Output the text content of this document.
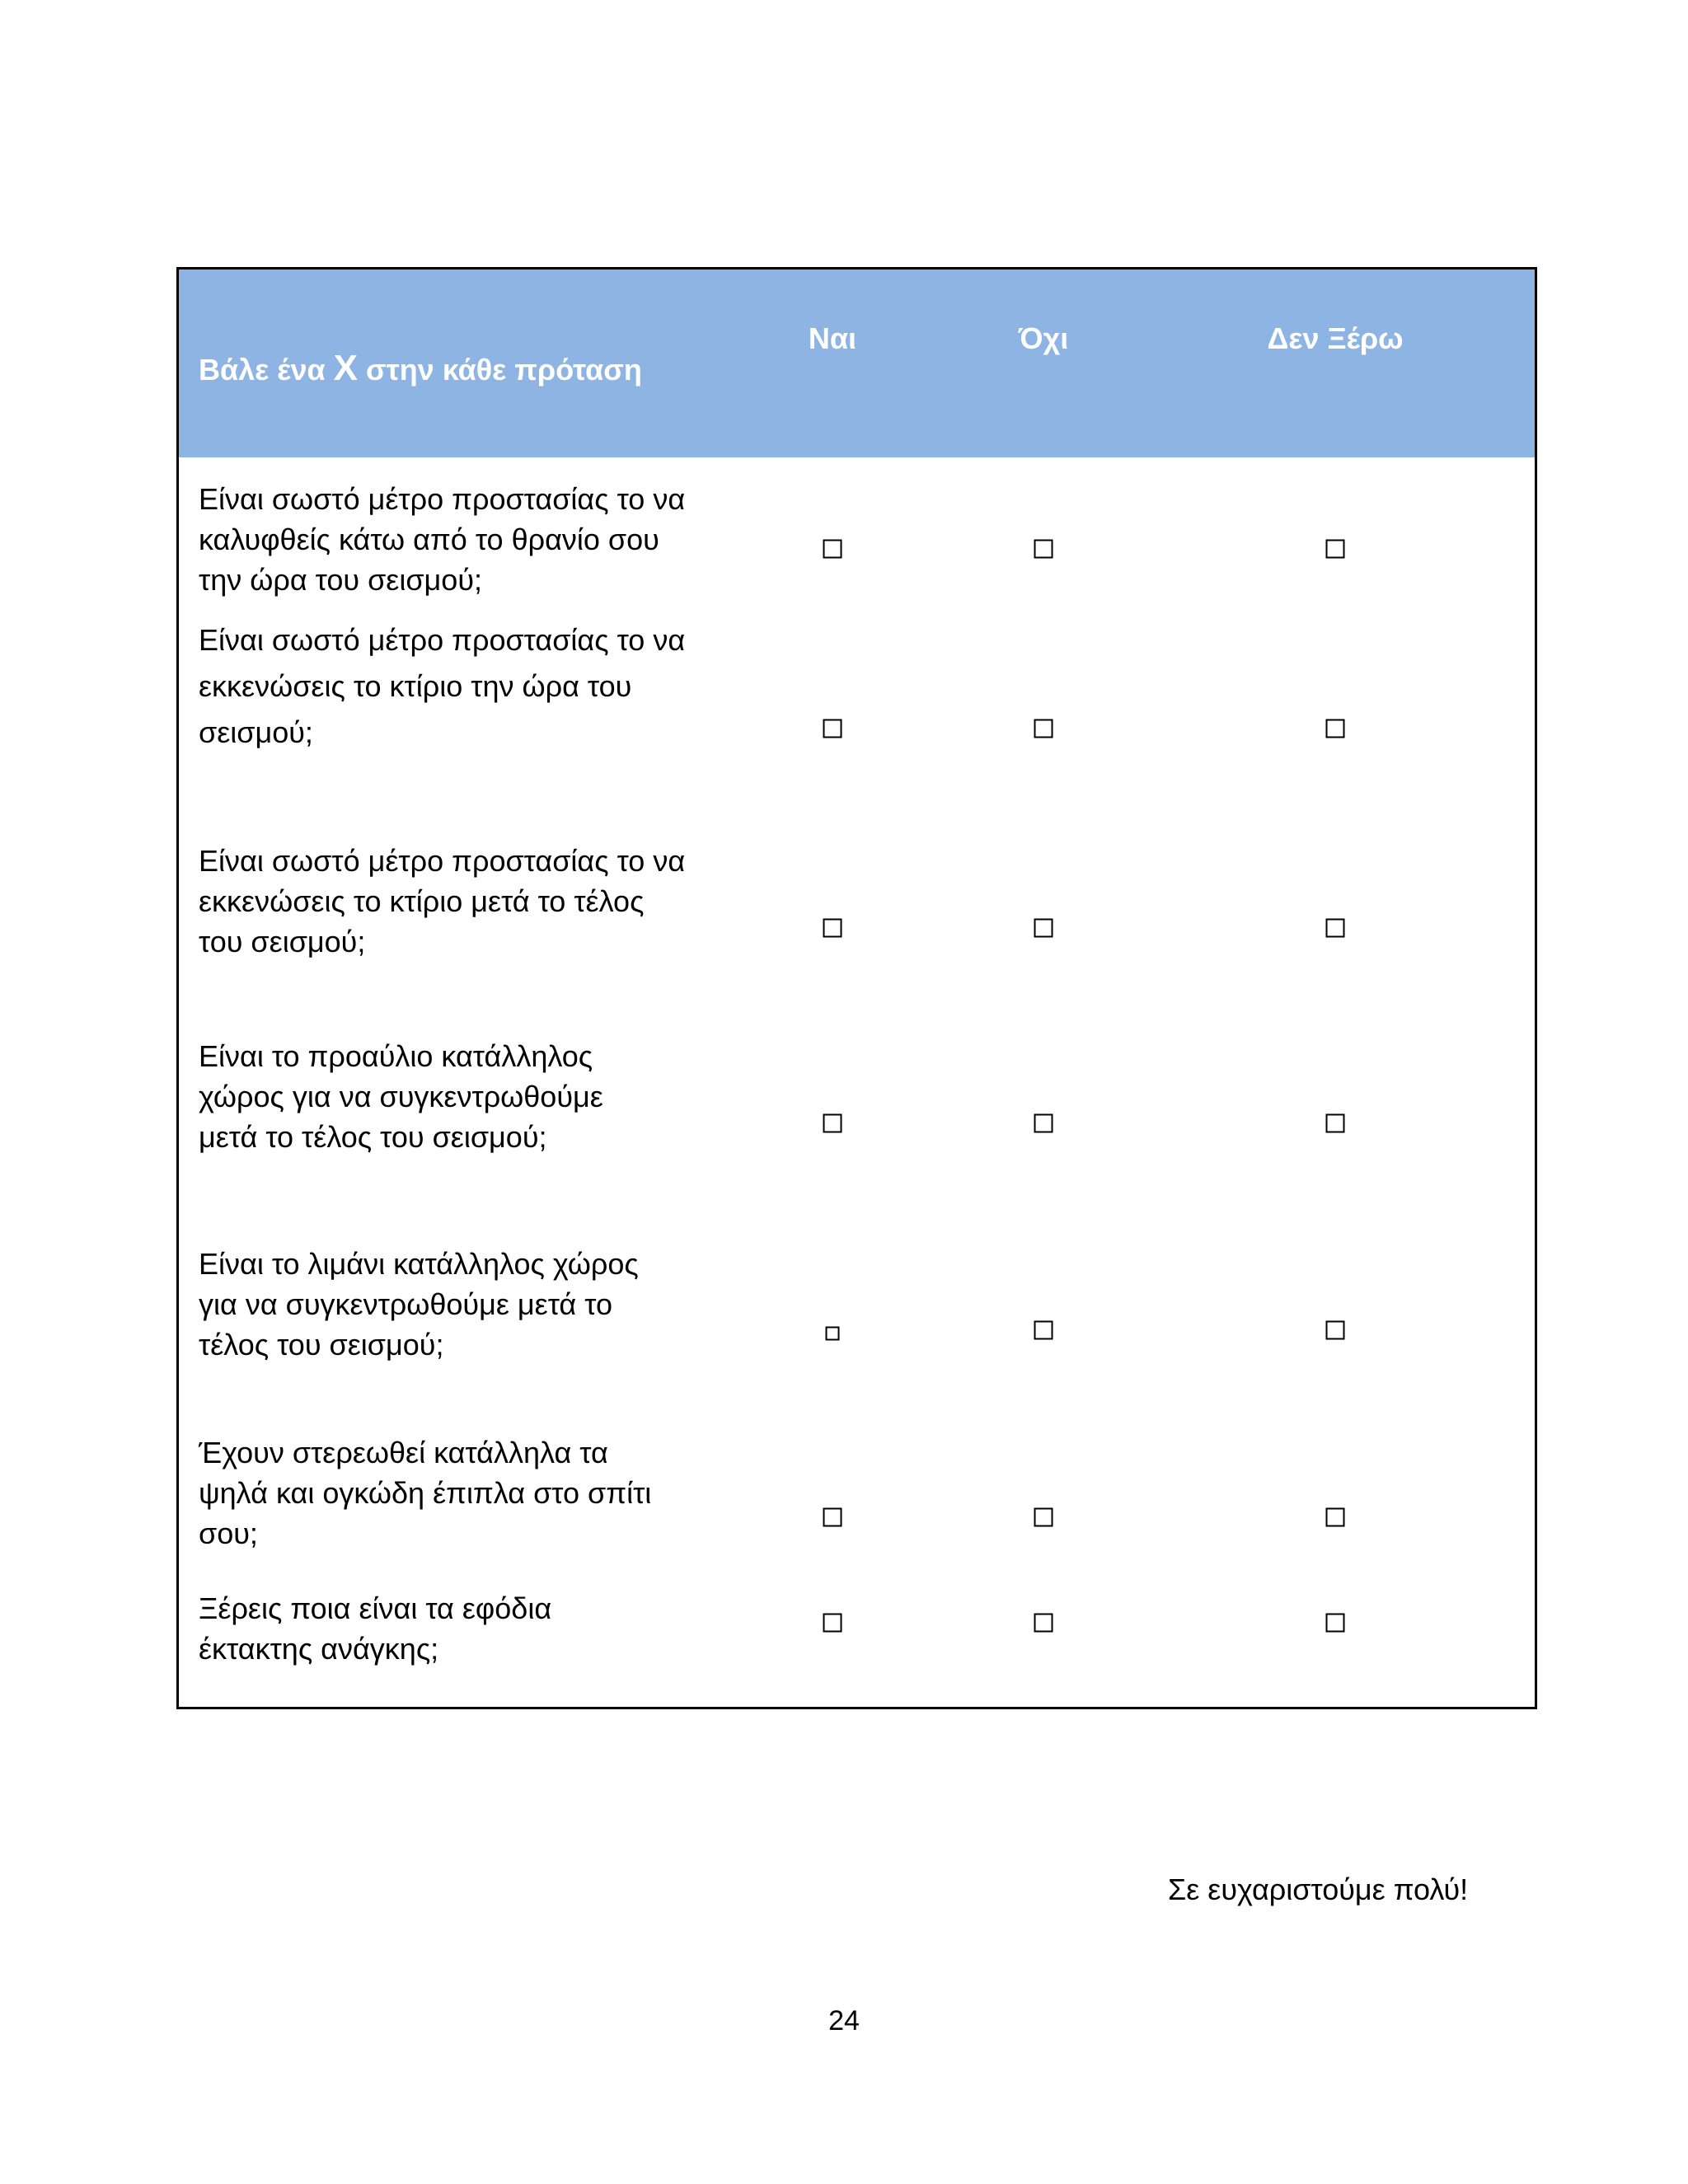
Βάλε ένα X στην κάθε πρόταση
Ναι	Όχι	Δεν Ξέρω
Είναι σωστό μέτρο προστασίας το να
καλυφθείς κάτω από το θρανίο σου
την ώρα του σεισμού;
Είναι σωστό μέτρο προστασίας το να
εκκενώσεις το κτίριο την ώρα του
σεισμού;
Είναι σωστό μέτρο προστασίας το να
εκκενώσεις το κτίριο μετά το τέλος
του σεισμού;
Είναι το προαύλιο κατάλληλος
χώρος για να συγκεντρωθούμε
μετά το τέλος του σεισμού;
Είναι το λιμάνι κατάλληλος χώρος
για να συγκεντρωθούμε μετά το
τέλος του σεισμού;
Έχουν στερεωθεί κατάλληλα τα
ψηλά και ογκώδη έπιπλα στο σπίτι
σου;
Ξέρεις ποια είναι τα εφόδια
έκτακτης ανάγκης;
Σε ευχαριστούμε πολύ!
24
